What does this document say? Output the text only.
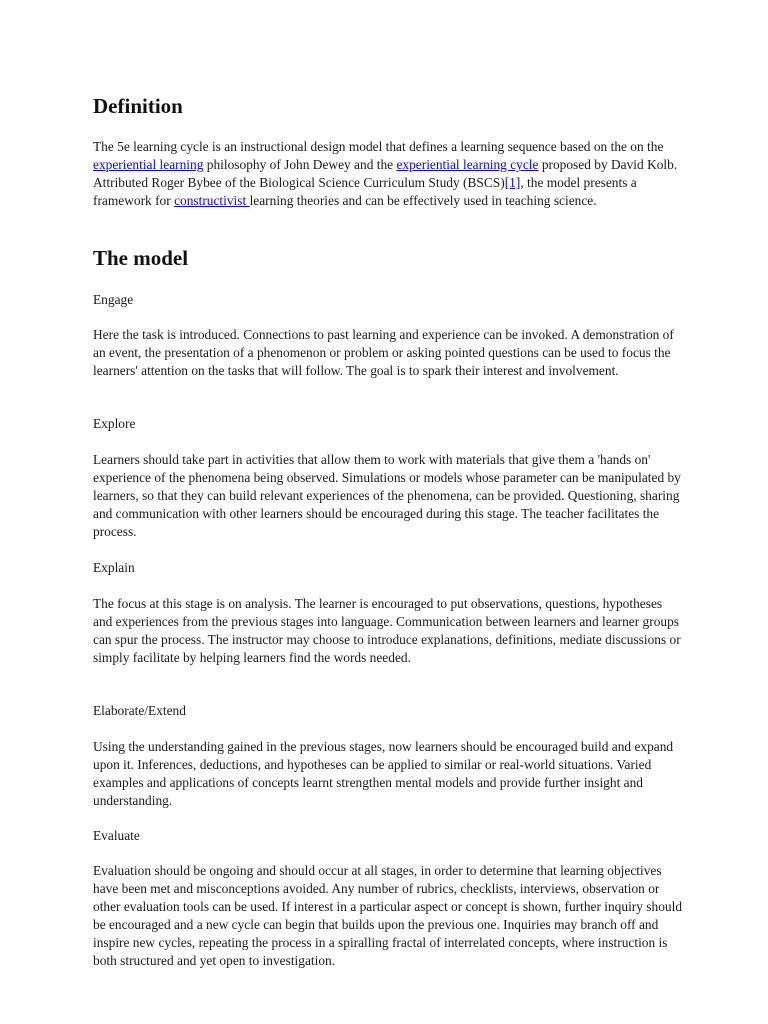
Definition

The 5e learning cycle is an instructional design model that defines a learning sequence based on the on the experiential learning philosophy of John Dewey and the experiential learning cycle proposed by David Kolb. Attributed Roger Bybee of the Biological Science Curriculum Study (BSCS)[1], the model presents a framework for constructivist learning theories and can be effectively used in teaching science.

The model

Engage

Here the task is introduced. Connections to past learning and experience can be invoked. A demonstration of an event, the presentation of a phenomenon or problem or asking pointed questions can be used to focus the learners' attention on the tasks that will follow. The goal is to spark their interest and involvement.

Explore

Learners should take part in activities that allow them to work with materials that give them a 'hands on' experience of the phenomena being observed. Simulations or models whose parameter can be manipulated by learners, so that they can build relevant experiences of the phenomena, can be provided. Questioning, sharing and communication with other learners should be encouraged during this stage. The teacher facilitates the process.

Explain

The focus at this stage is on analysis. The learner is encouraged to put observations, questions, hypotheses and experiences from the previous stages into language. Communication between learners and learner groups can spur the process. The instructor may choose to introduce explanations, definitions, mediate discussions or simply facilitate by helping learners find the words needed.

Elaborate/Extend

Using the understanding gained in the previous stages, now learners should be encouraged build and expand upon it. Inferences, deductions, and hypotheses can be applied to similar or real-world situations. Varied examples and applications of concepts learnt strengthen mental models and provide further insight and understanding.

Evaluate

Evaluation should be ongoing and should occur at all stages, in order to determine that learning objectives have been met and misconceptions avoided. Any number of rubrics, checklists, interviews, observation or other evaluation tools can be used. If interest in a particular aspect or concept is shown, further inquiry should be encouraged and a new cycle can begin that builds upon the previous one. Inquiries may branch off and inspire new cycles, repeating the process in a spiralling fractal of interrelated concepts, where instruction is both structured and yet open to investigation.
